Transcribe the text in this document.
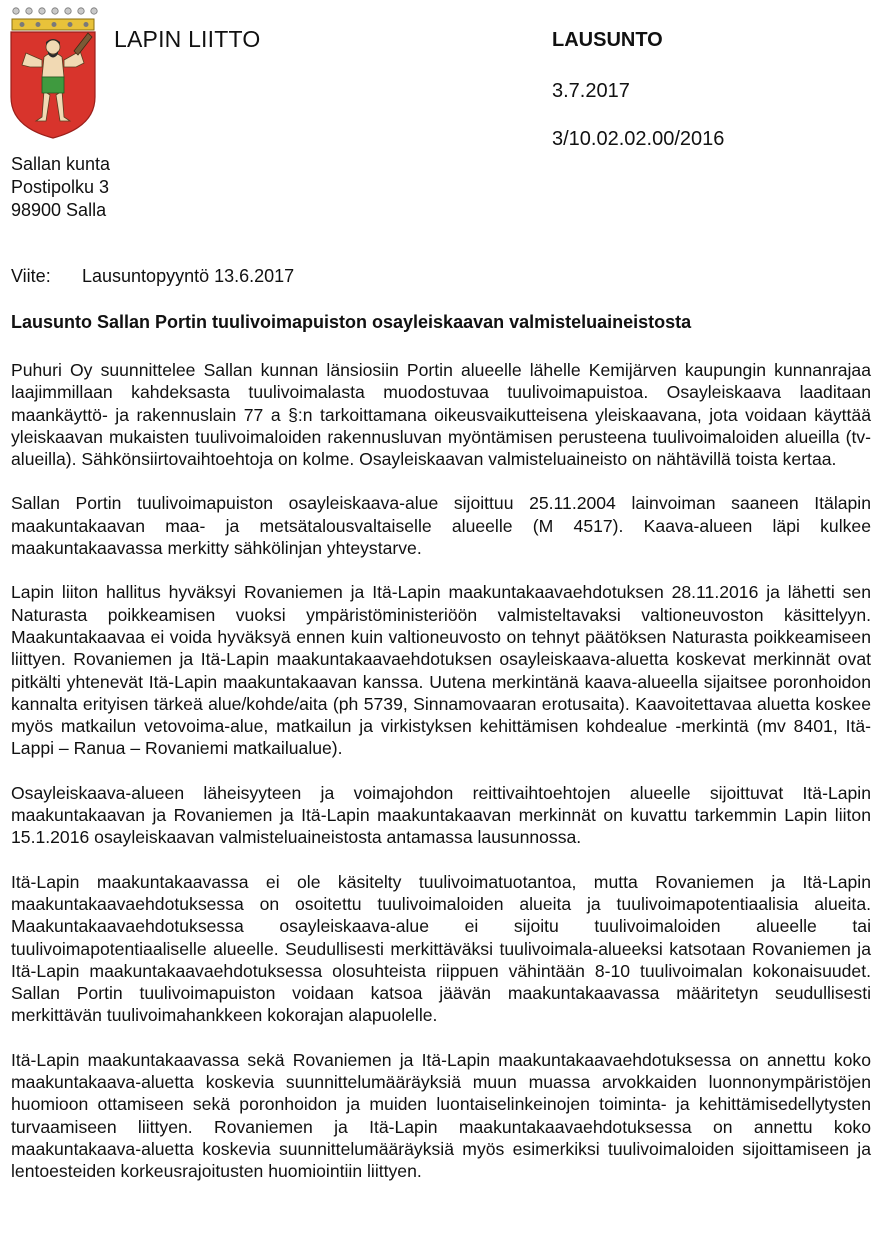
LAPIN LIITTO	LAUSUNTO
3.7.2017
3/10.02.02.00/2016
Sallan kunta
Postipolku 3
98900 Salla
Viite: Lausuntopyyntö 13.6.2017
Lausunto Sallan Portin tuulivoimapuiston osayleiskaavan valmisteluaineistosta

Puhuri Oy suunnittelee Sallan kunnan länsiosiin Portin alueelle lähelle Kemijärven kaupungin kunnanrajaa laajimmillaan kahdeksasta tuulivoimalasta muodostuvaa tuulivoimapuistoa. Osayleiskaava laaditaan maankäyttö- ja rakennuslain 77 a §:n tarkoittamana oikeusvaikutteisena yleiskaavana, jota voidaan käyttää yleiskaavan mukaisten tuulivoimaloiden rakennusluvan myöntämisen perusteena tuulivoimaloiden alueilla (tv-alueilla). Sähkönsiirtovaihtoehtoja on kolme. Osayleiskaavan valmisteluaineisto on nähtävillä toista kertaa.

Sallan Portin tuulivoimapuiston osayleiskaava-alue sijoittuu 25.11.2004 lainvoiman saaneen Itälapin maakuntakaavan maa- ja metsätalousvaltaiselle alueelle (M 4517). Kaava-alueen läpi kulkee maakuntakaavassa merkitty sähkölinjan yhteystarve.

Lapin liiton hallitus hyväksyi Rovaniemen ja Itä-Lapin maakuntakaavaehdotuksen 28.11.2016 ja lähetti sen Naturasta poikkeamisen vuoksi ympäristöministeriöön valmisteltavaksi valtioneuvoston käsittelyyn. Maakuntakaavaa ei voida hyväksyä ennen kuin valtioneuvosto on tehnyt päätöksen Naturasta poikkeamiseen liittyen. Rovaniemen ja Itä-Lapin maakuntakaavaehdotuksen osayleiskaava-aluetta koskevat merkinnät ovat pitkälti yhtenevät Itä-Lapin maakuntakaavan kanssa. Uutena merkintänä kaava-alueella sijaitsee poronhoidon kannalta erityisen tärkeä alue/kohde/aita (ph 5739, Sinnamovaaran erotusaita). Kaavoitettavaa aluetta koskee myös matkailun vetovoima-alue, matkailun ja virkistyksen kehittämisen kohdealue -merkintä (mv 8401, Itä-Lappi – Ranua – Rovaniemi matkailualue).

Osayleiskaava-alueen läheisyyteen ja voimajohdon reittivaihtoehtojen alueelle sijoittuvat Itä-Lapin maakuntakaavan ja Rovaniemen ja Itä-Lapin maakuntakaavan merkinnät on kuvattu tarkemmin Lapin liiton 15.1.2016 osayleiskaavan valmisteluaineistosta antamassa lausunnossa.

Itä-Lapin maakuntakaavassa ei ole käsitelty tuulivoimatuotantoa, mutta Rovaniemen ja Itä-Lapin maakuntakaavaehdotuksessa on osoitettu tuulivoimaloiden alueita ja tuulivoimapotentiaalisia alueita. Maakuntakaavaehdotuksessa osayleiskaava-alue ei sijoitu tuulivoimaloiden alueelle tai tuulivoimapotentiaaliselle alueelle. Seudullisesti merkittäväksi tuulivoimala-alueeksi katsotaan Rovaniemen ja Itä-Lapin maakuntakaavaehdotuksessa olosuhteista riippuen vähintään 8-10 tuulivoimalan kokonaisuudet. Sallan Portin tuulivoimapuiston voidaan katsoa jäävän maakuntakaavassa määritetyn seudullisesti merkittävän tuulivoimahankkeen kokorajan alapuolelle.

Itä-Lapin maakuntakaavassa sekä Rovaniemen ja Itä-Lapin maakuntakaavaehdotuksessa on annettu koko maakuntakaava-aluetta koskevia suunnittelumääräyksiä muun muassa arvokkaiden luonnonympäristöjen huomioon ottamiseen sekä poronhoidon ja muiden luontaiselinkeinojen toiminta- ja kehittämisedellytysten turvaamiseen liittyen. Rovaniemen ja Itä-Lapin maakuntakaavaehdotuksessa on annettu koko maakuntakaava-aluetta koskevia suunnittelumääräyksiä myös esimerkiksi tuulivoimaloiden sijoittamiseen ja lentoesteiden korkeusrajoitusten huomiointiin liittyen.
